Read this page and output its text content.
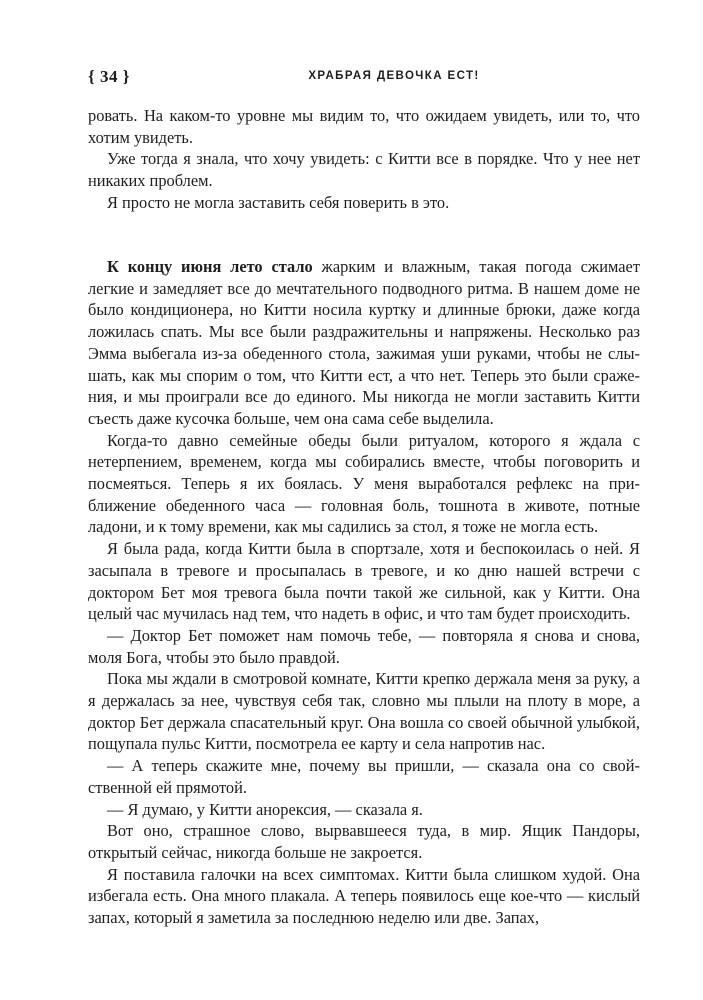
{ 34 }	ХРАБРАЯ ДЕВОЧКА ЕСТ!

ровать. На каком-то уровне мы видим то, что ожидаем увидеть, или то, что хотим увидеть.

Уже тогда я знала, что хочу увидеть: с Китти все в порядке. Что у нее нет никаких проблем.

Я просто не могла заставить себя поверить в это.

К концу июня лето стало жарким и влажным, такая погода сжимает легкие и замедляет все до мечтательного подводного ритма. В нашем доме не было кондиционера, но Китти носила куртку и длинные брюки, даже когда ложилась спать. Мы все были раздражительны и напряжены. Несколько раз Эмма выбегала из-за обеденного стола, зажимая уши руками, чтобы не слышать, как мы спорим о том, что Китти ест, а что нет. Теперь это были сражения, и мы проиграли все до единого. Мы никогда не могли заставить Китти съесть даже кусочка больше, чем она сама себе выделила.

Когда-то давно семейные обеды были ритуалом, которого я ждала с нетерпением, временем, когда мы собирались вместе, чтобы поговорить и посмеяться. Теперь я их боялась. У меня выработался рефлекс на приближение обеденного часа — головная боль, тошнота в животе, потные ладони, и к тому времени, как мы садились за стол, я тоже не могла есть.

Я была рада, когда Китти была в спортзале, хотя и беспокоилась о ней. Я засыпала в тревоге и просыпалась в тревоге, и ко дню нашей встречи с доктором Бет моя тревога была почти такой же сильной, как у Китти. Она целый час мучилась над тем, что надеть в офис, и что там будет происходить.

— Доктор Бет поможет нам помочь тебе, — повторяла я снова и снова, моля Бога, чтобы это было правдой.

Пока мы ждали в смотровой комнате, Китти крепко держала меня за руку, а я держалась за нее, чувствуя себя так, словно мы плыли на плоту в море, а доктор Бет держала спасательный круг. Она вошла со своей обычной улыбкой, пощупала пульс Китти, посмотрела ее карту и села напротив нас.

— А теперь скажите мне, почему вы пришли, — сказала она со свойственной ей прямотой.

— Я думаю, у Китти анорексия, — сказала я.

Вот оно, страшное слово, вырвавшееся туда, в мир. Ящик Пандоры, открытый сейчас, никогда больше не закроется.

Я поставила галочки на всех симптомах. Китти была слишком худой. Она избегала есть. Она много плакала. А теперь появилось еще кое-что — кислый запах, который я заметила за последнюю неделю или две. Запах,
